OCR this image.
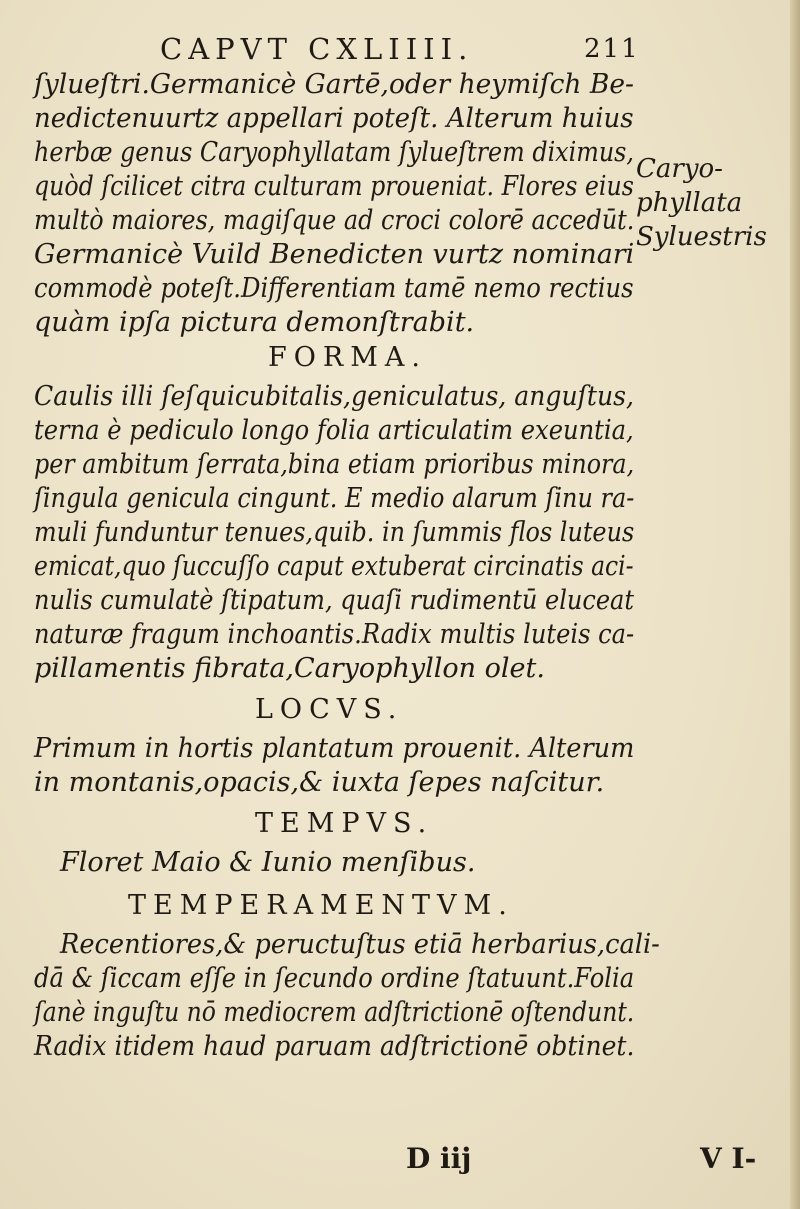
CAPVT CXLIIII.	211
ſylueſtri.Germanicè Gartē,oder heymiſch Be-
nedictenuurtz appellari poteſt. Alterum huius
herbæ genus Caryophyllatam ſylueſtrem diximus,
quòd ſcilicet citra culturam proueniat. Flores eius
multò maiores, magiſque ad croci colorē accedūt.
Germanicè Vuild Benedicten vurtz nominari
commodè poteſt.Differentiam tamē nemo rectius
quàm ipſa pictura demonſtrabit.
Caryo-
phyllata
Syluestris
FORMA.
Caulis illi ſeſquicubitalis,geniculatus, anguſtus,
terna è pediculo longo folia articulatim exeuntia,
per ambitum ſerrata,bina etiam prioribus minora,
ſingula genicula cingunt. E medio alarum ſinu ra-
muli funduntur tenues,quib. in ſummis flos luteus
emicat,quo ſuccuſſo caput extuberat circinatis aci-
nulis cumulatè ſtipatum, quaſi rudimentū eluceat
naturæ fragum inchoantis.Radix multis luteis ca-
pillamentis fibrata,Caryophyllon olet.
LOCVS.
Primum in hortis plantatum prouenit. Alterum
in montanis,opacis,& iuxta ſepes naſcitur.
TEMPVS.
Floret Maio & Iunio menſibus.
TEMPERAMENTVM.
Recentiores,& peructuſtus etiā herbarius,cali-
dā & ſiccam eſſe in ſecundo ordine ſtatuunt.Folia
ſanè inguſtu nō mediocrem adſtrictionē oſtendunt.
Radix itidem haud paruam adſtrictionē obtinet.
D iij	V I-
